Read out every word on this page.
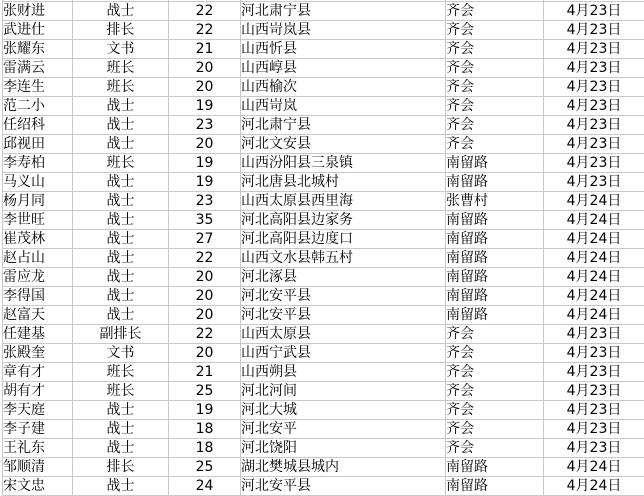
张财进	战士	22	河北肃宁县	齐会	4月23日
武进仕	排长	22	山西岢岚县	齐会	4月23日
张耀东	文书	21	山西忻县	齐会	4月23日
雷满云	班长	20	山西崞县	齐会	4月23日
李连生	班长	20	山西榆次	齐会	4月23日
范二小	战士	19	山西岢岚	齐会	4月23日
任绍科	战士	23	河北肃宁县	齐会	4月23日
邱视田	战士	20	河北文安县	齐会	4月23日
李寿柏	班长	19	山西汾阳县三泉镇	南留路	4月23日
马义山	战士	19	河北唐县北城村	南留路	4月23日
杨月同	战士	23	山西太原县西里海	张曹村	4月24日
李世旺	战士	35	河北高阳县边家务	南留路	4月24日
崔茂林	战士	27	河北高阳县边度口	南留路	4月24日
赵占山	战士	22	山西文水县韩五村	南留路	4月24日
雷应龙	战士	20	河北涿县	南留路	4月24日
李得国	战士	20	河北安平县	南留路	4月24日
赵富天	战士	20	河北安平县	南留路	4月24日
任建基	副排长	22	山西太原县	齐会	4月23日
张殿奎	文书	20	山西宁武县	齐会	4月23日
章有才	班长	21	山西朔县	齐会	4月23日
胡有才	班长	25	河北河间	齐会	4月23日
李天庭	战士	19	河北大城	齐会	4月23日
李子建	战士	18	河北安平	齐会	4月23日
王礼东	战士	18	河北饶阳	齐会	4月23日
邹顺清	排长	25	湖北樊城县城内	南留路	4月24日
宋文忠	战士	24	河北安平县	南留路	4月24日
